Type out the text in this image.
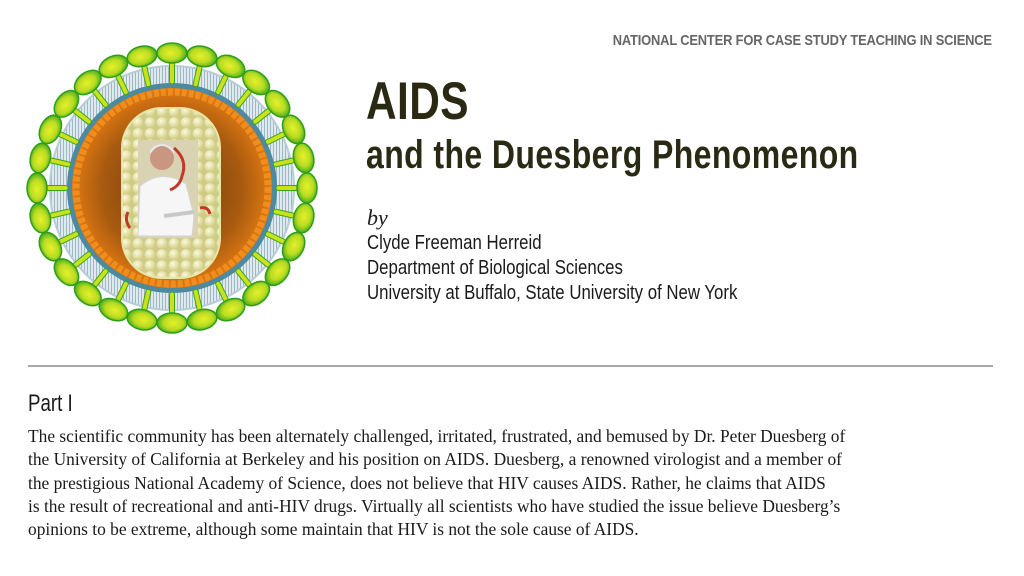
NATIONAL CENTER FOR CASE STUDY TEACHING IN SCIENCE
AIDS
and the Duesberg Phenomenon
by
Clyde Freeman Herreid
Department of Biological Sciences
University at Buffalo, State University of New York
Part I
The scientific community has been alternately challenged, irritated, frustrated, and bemused by Dr. Peter Duesberg of
the University of California at Berkeley and his position on AIDS. Duesberg, a renowned virologist and a member of
the prestigious National Academy of Science, does not believe that HIV causes AIDS. Rather, he claims that AIDS
is the result of recreational and anti-HIV drugs. Virtually all scientists who have studied the issue believe Duesberg’s
opinions to be extreme, although some maintain that HIV is not the sole cause of AIDS.
